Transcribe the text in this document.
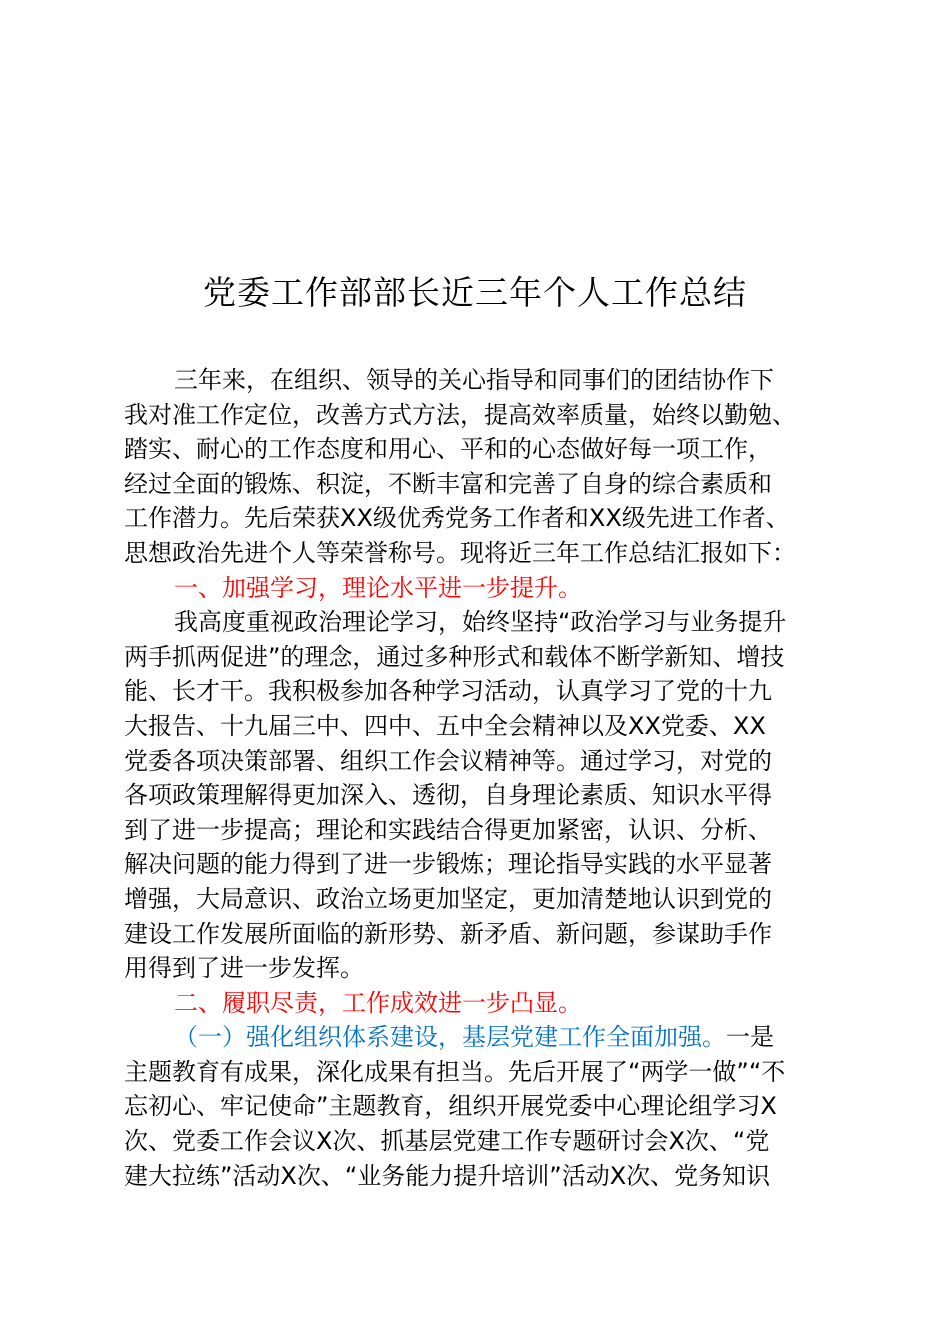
党委工作部部长近三年个人工作总结
三年来，在组织、领导的关心指导和同事们的团结协作下
我对准工作定位，改善方式方法，提高效率质量，始终以勤勉、
踏实、耐心的工作态度和用心、平和的心态做好每一项工作，
经过全面的锻炼、积淀，不断丰富和完善了自身的综合素质和
工作潜力。先后荣获XX级优秀党务工作者和XX级先进工作者、
思想政治先进个人等荣誉称号。现将近三年工作总结汇报如下：
一、加强学习，理论水平进一步提升。
我高度重视政治理论学习，始终坚持“政治学习与业务提升
两手抓两促进”的理念，通过多种形式和载体不断学新知、增技
能、长才干。我积极参加各种学习活动，认真学习了党的十九
大报告、十九届三中、四中、五中全会精神以及XX党委、XX
党委各项决策部署、组织工作会议精神等。通过学习，对党的
各项政策理解得更加深入、透彻，自身理论素质、知识水平得
到了进一步提高；理论和实践结合得更加紧密，认识、分析、
解决问题的能力得到了进一步锻炼；理论指导实践的水平显著
增强，大局意识、政治立场更加坚定，更加清楚地认识到党的
建设工作发展所面临的新形势、新矛盾、新问题，参谋助手作
用得到了进一步发挥。
二、履职尽责，工作成效进一步凸显。
（一）强化组织体系建设，基层党建工作全面加强。一是
主题教育有成果，深化成果有担当。先后开展了“两学一做”“不
忘初心、牢记使命”主题教育，组织开展党委中心理论组学习X
次、党委工作会议X次、抓基层党建工作专题研讨会X次、“党
建大拉练”活动X次、“业务能力提升培训”活动X次、党务知识
